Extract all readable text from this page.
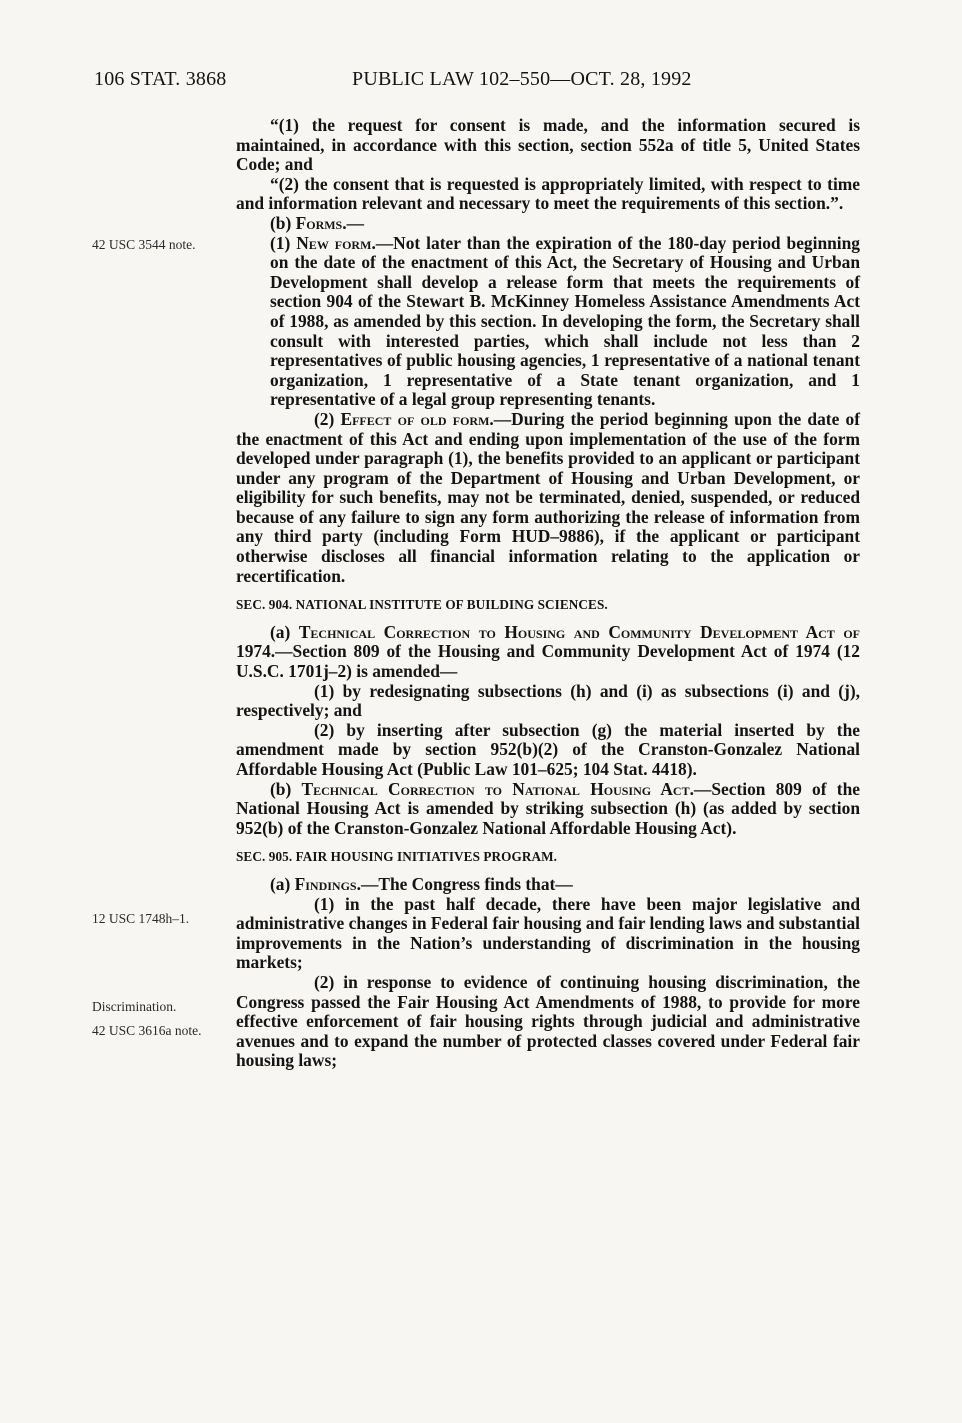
106 STAT. 3868	PUBLIC LAW 102–550—OCT. 28, 1992
42 USC 3544 note.
12 USC 1748h–1.
Discrimination.
42 USC 3616a note.

“(1) the request for consent is made, and the information secured is maintained, in accordance with this section, section 552a of title 5, United States Code; and

“(2) the consent that is requested is appropriately limited, with respect to time and information relevant and necessary to meet the requirements of this section.”.

(b) Forms.—

(1) New form.—Not later than the expiration of the 180-day period beginning on the date of the enactment of this Act, the Secretary of Housing and Urban Development shall develop a release form that meets the requirements of section 904 of the Stewart B. McKinney Homeless Assistance Amendments Act of 1988, as amended by this section. In developing the form, the Secretary shall consult with interested parties, which shall include not less than 2 representatives of public housing agencies, 1 representative of a national tenant organization, 1 representative of a State tenant organization, and 1 representative of a legal group representing tenants.

(2) Effect of old form.—During the period beginning upon the date of the enactment of this Act and ending upon implementation of the use of the form developed under paragraph (1), the benefits provided to an applicant or participant under any program of the Department of Housing and Urban Development, or eligibility for such benefits, may not be terminated, denied, suspended, or reduced because of any failure to sign any form authorizing the release of information from any third party (including Form HUD–9886), if the applicant or participant otherwise discloses all financial information relating to the application or recertification.

SEC. 904. NATIONAL INSTITUTE OF BUILDING SCIENCES.

(a) Technical Correction to Housing and Community Development Act of 1974.—Section 809 of the Housing and Community Development Act of 1974 (12 U.S.C. 1701j–2) is amended—

(1) by redesignating subsections (h) and (i) as subsections (i) and (j), respectively; and

(2) by inserting after subsection (g) the material inserted by the amendment made by section 952(b)(2) of the Cranston-Gonzalez National Affordable Housing Act (Public Law 101–625; 104 Stat. 4418).

(b) Technical Correction to National Housing Act.—Section 809 of the National Housing Act is amended by striking subsection (h) (as added by section 952(b) of the Cranston-Gonzalez National Affordable Housing Act).

SEC. 905. FAIR HOUSING INITIATIVES PROGRAM.

(a) Findings.—The Congress finds that—

(1) in the past half decade, there have been major legislative and administrative changes in Federal fair housing and fair lending laws and substantial improvements in the Nation’s understanding of discrimination in the housing markets;

(2) in response to evidence of continuing housing discrimination, the Congress passed the Fair Housing Act Amendments of 1988, to provide for more effective enforcement of fair housing rights through judicial and administrative avenues and to expand the number of protected classes covered under Federal fair housing laws;
